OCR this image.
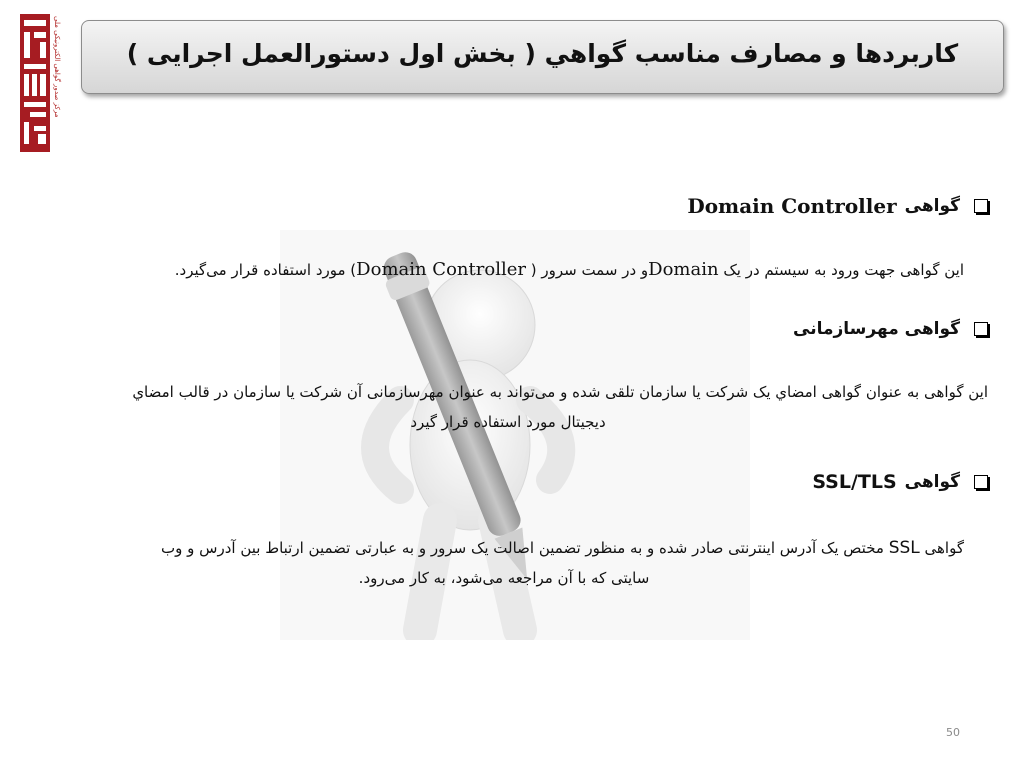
مرکز صدور گواهی الکترونیکی ملی	کاربردها و مصارف مناسب گواهي ( بخش اول دستورالعمل اجرايی )
گواهی
Domain Controller
این گواهی جهت ورود به سیستم در یک Domainو در سمت سرور ( Domain Controller) مورد استفاده قرار می‌گیرد.
گواهی مهرسازمانی
این گواهی به عنوان گواهی امضاي یک شرکت یا سازمان تلقی شده و می‌تواند به عنوان مهرسازمانی آن شرکت یا سازمان در قالب امضاي
دیجیتال مورد استفاده قرار گیرد
گواهی
SSL/TLS
گواهی SSL مختص یک آدرس اینترنتی صادر شده و به منظور تضمین اصالت یک سرور و به عبارتی تضمین ارتباط بین آدرس و وب
سایتی که با آن مراجعه می‌شود، به کار می‌رود.
50
